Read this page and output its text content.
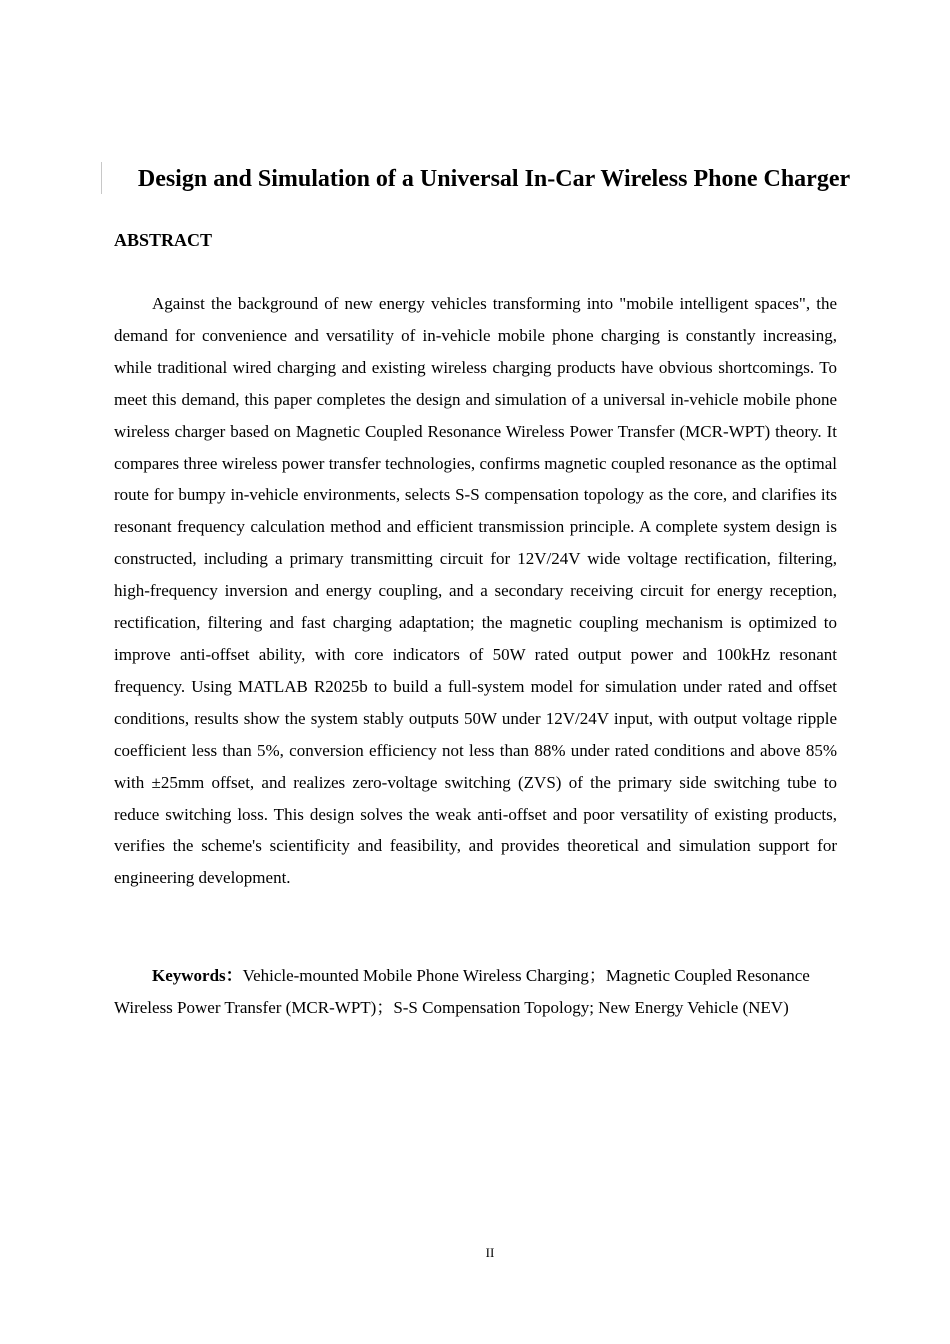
Design and Simulation of a Universal In-Car Wireless Phone Charger
ABSTRACT

Against the background of new energy vehicles transforming into "mobile intelligent spaces", the demand for convenience and versatility of in-vehicle mobile phone charging is constantly increasing, while traditional wired charging and existing wireless charging products have obvious shortcomings. To meet this demand, this paper completes the design and simulation of a universal in-vehicle mobile phone wireless charger based on Magnetic Coupled Resonance Wireless Power Transfer (MCR-WPT) theory. It compares three wireless power transfer technologies, confirms magnetic coupled resonance as the optimal route for bumpy in-vehicle environments, selects S-S compensation topology as the core, and clarifies its resonant frequency calculation method and efficient transmission principle. A complete system design is constructed, including a primary transmitting circuit for 12V/24V wide voltage rectification, filtering, high-frequency inversion and energy coupling, and a secondary receiving circuit for energy reception, rectification, filtering and fast charging adaptation; the magnetic coupling mechanism is optimized to improve anti-offset ability, with core indicators of 50W rated output power and 100kHz resonant frequency. Using MATLAB R2025b to build a full-system model for simulation under rated and offset conditions, results show the system stably outputs 50W under 12V/24V input, with output voltage ripple coefficient less than 5%, conversion efficiency not less than 88% under rated conditions and above 85% with ±25mm offset, and realizes zero-voltage switching (ZVS) of the primary side switching tube to reduce switching loss. This design solves the weak anti-offset and poor versatility of existing products, verifies the scheme's scientificity and feasibility, and provides theoretical and simulation support for engineering development.

Keywords：Vehicle-mounted Mobile Phone Wireless Charging；Magnetic Coupled Resonance Wireless Power Transfer (MCR-WPT)；S-S Compensation Topology; New Energy Vehicle (NEV)

II
